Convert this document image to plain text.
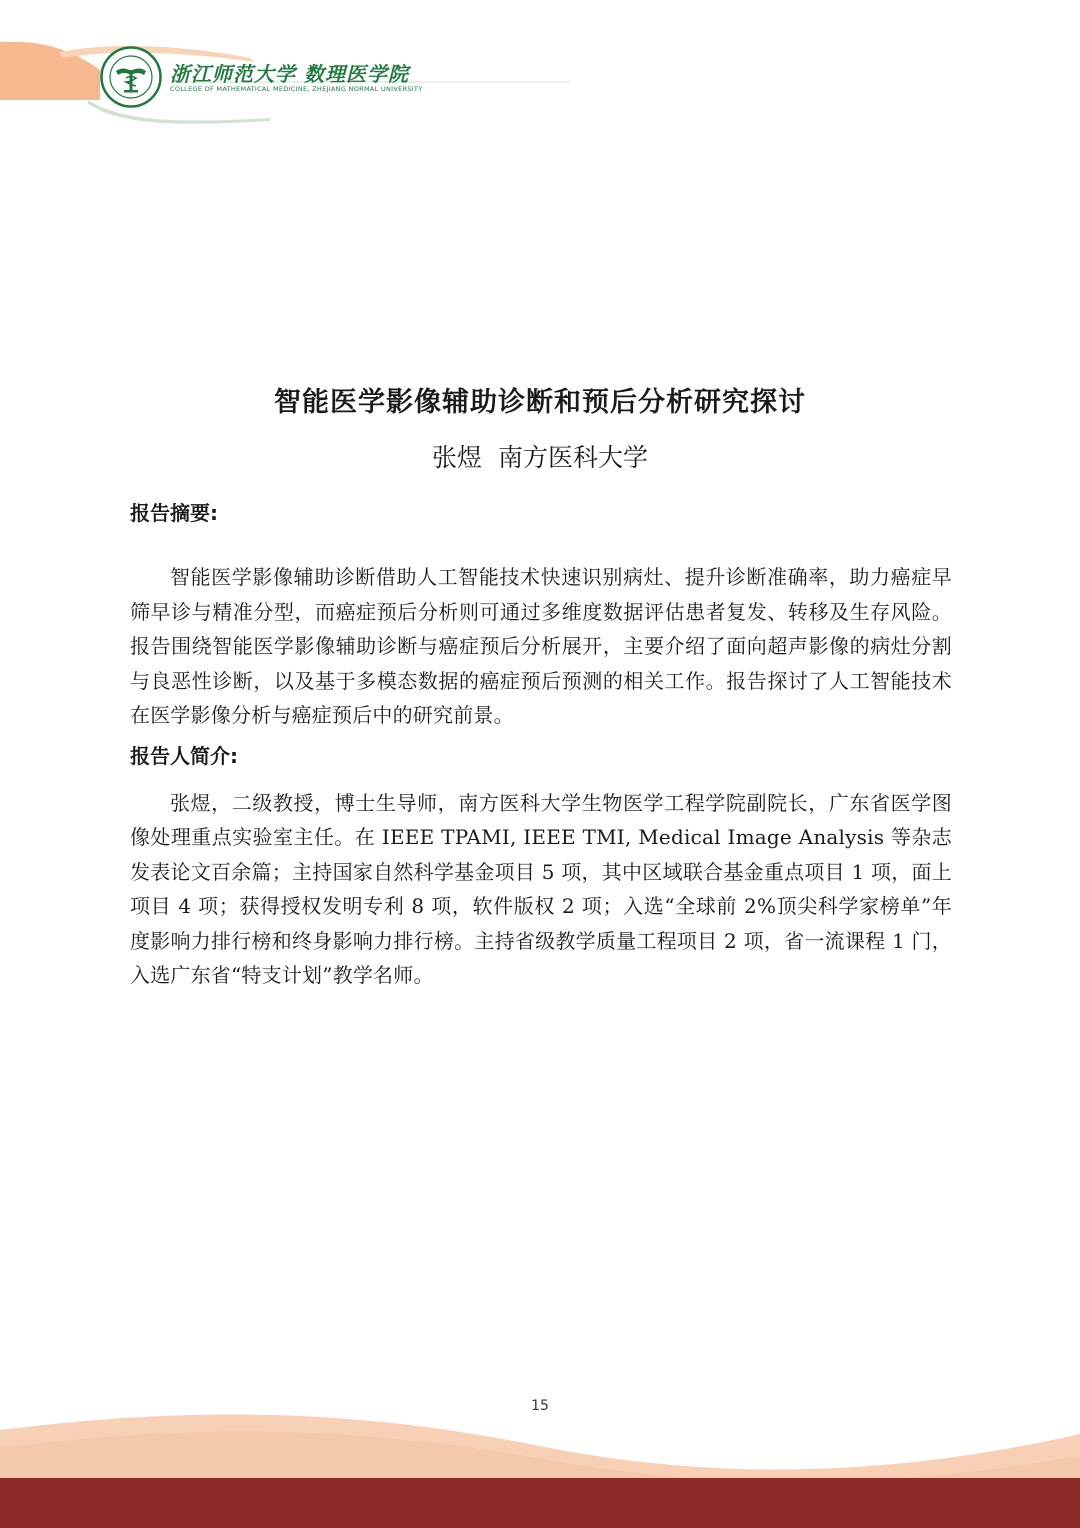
浙江师范大学 数理医学院
COLLEGE OF MATHEMATICAL MEDICINE, ZHEJIANG NORMAL UNIVERSITY
智能医学影像辅助诊断和预后分析研究探讨
张煜 南方医科大学
报告摘要:

智能医学影像辅助诊断借助人工智能技术快速识别病灶、提升诊断准确率，助力癌症早筛早诊与精准分型，而癌症预后分析则可通过多维度数据评估患者复发、转移及生存风险。报告围绕智能医学影像辅助诊断与癌症预后分析展开，主要介绍了面向超声影像的病灶分割与良恶性诊断，以及基于多模态数据的癌症预后预测的相关工作。报告探讨了人工智能技术在医学影像分析与癌症预后中的研究前景。

报告人简介:

张煜，二级教授，博士生导师，南方医科大学生物医学工程学院副院长，广东省医学图像处理重点实验室主任。在 IEEE TPAMI, IEEE TMI, Medical Image Analysis 等杂志发表论文百余篇；主持国家自然科学基金项目 5 项，其中区域联合基金重点项目 1 项，面上项目 4 项；获得授权发明专利 8 项，软件版权 2 项；入选“全球前 2%顶尖科学家榜单”年度影响力排行榜和终身影响力排行榜。主持省级教学质量工程项目 2 项，省一流课程 1 门，入选广东省“特支计划”教学名师。

15
